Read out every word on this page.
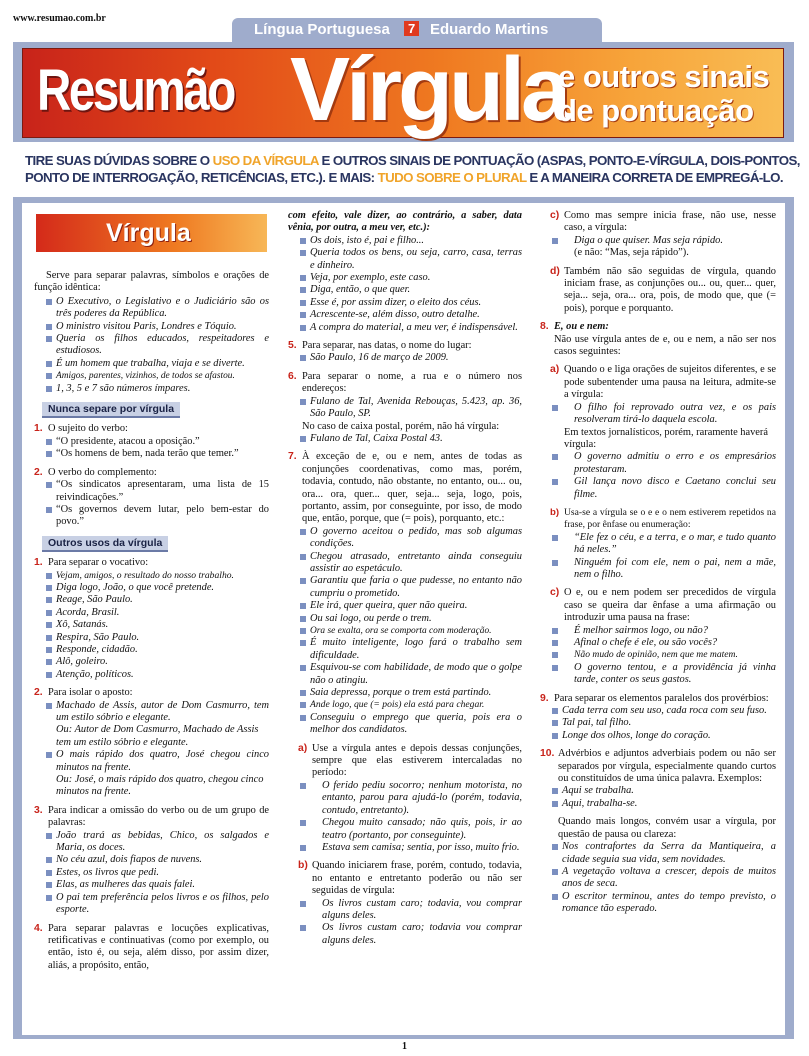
www.resumao.com.br
Língua Portuguesa	7 Eduardo Martins
Resumão Vírgula
e outros sinais
de pontuação
TIRE SUAS DÚVIDAS SOBRE O USO DA VÍRGULA E OUTROS SINAIS DE PONTUAÇÃO (ASPAS, PONTO-E-VÍRGULA, DOIS-PONTOS,
PONTO DE INTERROGAÇÃO, RETICÊNCIAS, ETC.). E MAIS: TUDO SOBRE O PLURAL E A MANEIRA CORRETA DE EMPREGÁ-LO.
Vírgula

Serve para separar palavras, símbolos e orações de função idêntica:

O Executivo, o Legislativo e o Judiciário são os três poderes da República.

O ministro visitou Paris, Londres e Tóquio.

Queria os filhos educados, respeitadores e estudiosos.

É um homem que trabalha, viaja e se diverte.

Amigos, parentes, vizinhos, de todos se afastou.

1, 3, 5 e 7 são números ímpares.

Nunca separe por vírgula
1. O sujeito do verbo:

“O presidente, atacou a oposição.”

“Os homens de bem, nada terão que temer.”

2. O verbo do complemento:

“Os sindicatos apresentaram, uma lista de 15 reivindicações.”

“Os governos devem lutar, pelo bem-estar do povo.”

Outros usos da vírgula
1. Para separar o vocativo:

Vejam, amigos, o resultado do nosso trabalho.

Diga logo, João, o que você pretende.

Reage, São Paulo.

Acorda, Brasil.

Xô, Satanás.

Respira, São Paulo.

Responde, cidadão.

Alô, goleiro.

Atenção, políticos.

2. Para isolar o aposto:

Machado de Assis, autor de Dom Casmurro, tem um estilo sóbrio e elegante.

Ou: Autor de Dom Casmurro, Machado de Assis tem um estilo sóbrio e elegante.

O mais rápido dos quatro, José chegou cinco minutos na frente.

Ou: José, o mais rápido dos quatro, chegou cinco minutos na frente.

3. Para indicar a omissão do verbo ou de um grupo de palavras:

João trará as bebidas, Chico, os salgados e Maria, os doces.

No céu azul, dois fiapos de nuvens.

Estes, os livros que pedi.

Elas, as mulheres das quais falei.

O pai tem preferência pelos livros e os filhos, pelo esporte.

4. Para separar palavras e locuções explicativas, retificativas e continuativas (como por exemplo, ou então, isto é, ou seja, além disso, por assim dizer, aliás, a propósito, então,

com efeito, vale dizer, ao contrário, a saber, data vênia, por outra, a meu ver, etc.):

Os dois, isto é, pai e filho...

Queria todos os bens, ou seja, carro, casa, terras e dinheiro.

Veja, por exemplo, este caso.

Diga, então, o que quer.

Esse é, por assim dizer, o eleito dos céus.

Acrescente-se, além disso, outro detalhe.

A compra do material, a meu ver, é indispensável.

5. Para separar, nas datas, o nome do lugar:

São Paulo, 16 de março de 2009.

6. Para separar o nome, a rua e o número nos endereços:

Fulano de Tal, Avenida Rebouças, 5.423, ap. 36, São Paulo, SP.

No caso de caixa postal, porém, não há vírgula:

Fulano de Tal, Caixa Postal 43.

7. À exceção de e, ou e nem, antes de todas as conjunções coordenativas, como mas, porém, todavia, contudo, não obstante, no entanto, ou... ou, ora... ora, quer... quer, seja... seja, logo, pois, portanto, assim, por conseguinte, por isso, de modo que, então, porque, que (= pois), porquanto, etc.:

O governo aceitou o pedido, mas sob algumas condições.

Chegou atrasado, entretanto ainda conseguiu assistir ao espetáculo.

Garantiu que faria o que pudesse, no entanto não cumpriu o prometido.

Ele irá, quer queira, quer não queira.

Ou sai logo, ou perde o trem.

Ora se exalta, ora se comporta com moderação.

É muito inteligente, logo fará o trabalho sem dificuldade.

Esquivou-se com habilidade, de modo que o golpe não o atingiu.

Saia depressa, porque o trem está partindo.

Ande logo, que (= pois) ela está para chegar.

Conseguiu o emprego que queria, pois era o melhor dos candidatos.

a) Use a vírgula antes e depois dessas conjunções, sempre que elas estiverem intercaladas no período:

O ferido pediu socorro; nenhum motorista, no entanto, parou para ajudá-lo (porém, todavia, contudo, entretanto).

Chegou muito cansado; não quis, pois, ir ao teatro (portanto, por conseguinte).

Estava sem camisa; sentia, por isso, muito frio.

b) Quando iniciarem frase, porém, contudo, todavia, no entanto e entretanto poderão ou não ser seguidas de vírgula:

Os livros custam caro; todavia, vou comprar alguns deles.

Os livros custam caro; todavia vou comprar alguns deles.

c) Como mas sempre inicia frase, não use, nesse caso, a vírgula:

Diga o que quiser. Mas seja rápido.

(e não: “Mas, seja rápido”).

d) Também não são seguidas de vírgula, quando iniciam frase, as conjunções ou... ou, quer... quer, seja... seja, ora... ora, pois, de modo que, que (= pois), porque e porquanto.
8. E, ou e nem:

Não use vírgula antes de e, ou e nem, a não ser nos casos seguintes:

a) Quando o e liga orações de sujeitos diferentes, e se pode subentender uma pausa na leitura, admite-se a vírgula:

O filho foi reprovado outra vez, e os pais resolveram tirá-lo daquela escola.

Em textos jornalísticos, porém, raramente haverá vírgula:

O governo admitiu o erro e os empresários protestaram.

Gil lança novo disco e Caetano conclui seu filme.

b) Usa-se a vírgula se o e e o nem estiverem repetidos na frase, por ênfase ou enumeração:

“Ele fez o céu, e a terra, e o mar, e tudo quanto há neles.”

Ninguém foi com ele, nem o pai, nem a mãe, nem o filho.

c) O e, ou e nem podem ser precedidos de vírgula caso se queira dar ênfase a uma afirmação ou introduzir uma pausa na frase:

É melhor sairmos logo, ou não?

Afinal o chefe é ele, ou são vocês?

Não mudo de opinião, nem que me matem.

O governo tentou, e a providência já vinha tarde, conter os seus gastos.

9. Para separar os elementos paralelos dos provérbios:

Cada terra com seu uso, cada roca com seu fuso.

Tal pai, tal filho.

Longe dos olhos, longe do coração.

10. Advérbios e adjuntos adverbiais podem ou não ser separados por vírgula, especialmente quando curtos ou constituídos de uma única palavra. Exemplos:

Aqui se trabalha.

Aqui, trabalha-se.

Quando mais longos, convém usar a vírgula, por questão de pausa ou clareza:

Nos contrafortes da Serra da Mantiqueira, a cidade seguia sua vida, sem novidades.

A vegetação voltava a crescer, depois de muitos anos de seca.

O escritor terminou, antes do tempo previsto, o romance tão esperado.

1
